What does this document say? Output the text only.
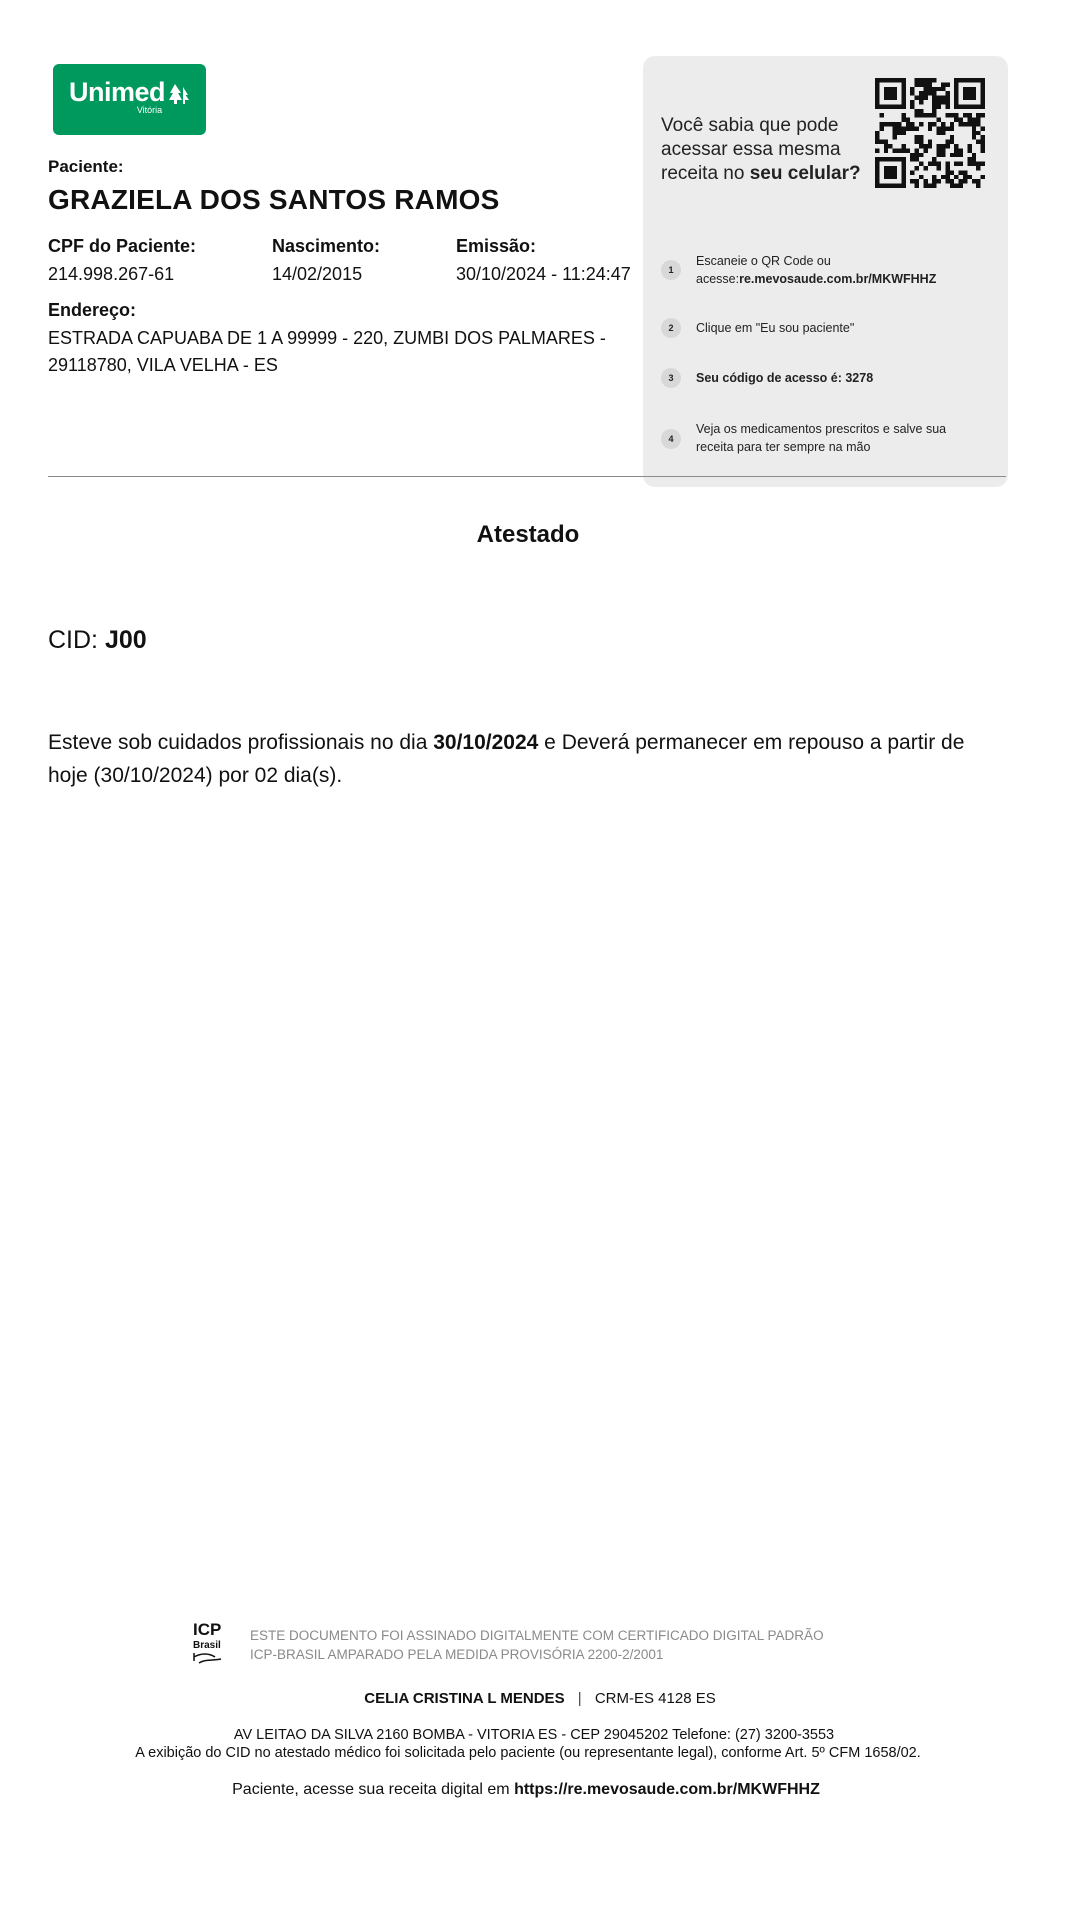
Unimed
Vitória
Paciente:
GRAZIELA DOS SANTOS RAMOS
CPF do Paciente:
214.998.267-61
Nascimento:
14/02/2015
Emissão:
30/10/2024 - 11:24:47
Endereço:
ESTRADA CAPUABA DE 1 A 99999 - 220, ZUMBI DOS PALMARES -
29118780, VILA VELHA - ES
Você sabia que pode acessar essa mesma receita no seu celular?
1
Escaneie o QR Code ou
acesse:re.mevosaude.com.br/MKWFHHZ
2	Clique em "Eu sou paciente"
3	Seu código de acesso é: 3278
4
Veja os medicamentos prescritos e salve sua receita para ter sempre na mão
Atestado
CID: J00
Esteve sob cuidados profissionais no dia 30/10/2024 e Deverá permanecer em repouso a partir de hoje (30/10/2024) por 02 dia(s).
ICP
Brasil
ESTE DOCUMENTO FOI ASSINADO DIGITALMENTE COM CERTIFICADO DIGITAL PADRÃO
ICP-BRASIL AMPARADO PELA MEDIDA PROVISÓRIA 2200-2/2001
CELIA CRISTINA L MENDES | CRM-ES 4128 ES
AV LEITAO DA SILVA 2160 BOMBA - VITORIA ES - CEP 29045202 Telefone: (27) 3200-3553
A exibição do CID no atestado médico foi solicitada pelo paciente (ou representante legal), conforme Art. 5º CFM 1658/02.
Paciente, acesse sua receita digital em https://re.mevosaude.com.br/MKWFHHZ
